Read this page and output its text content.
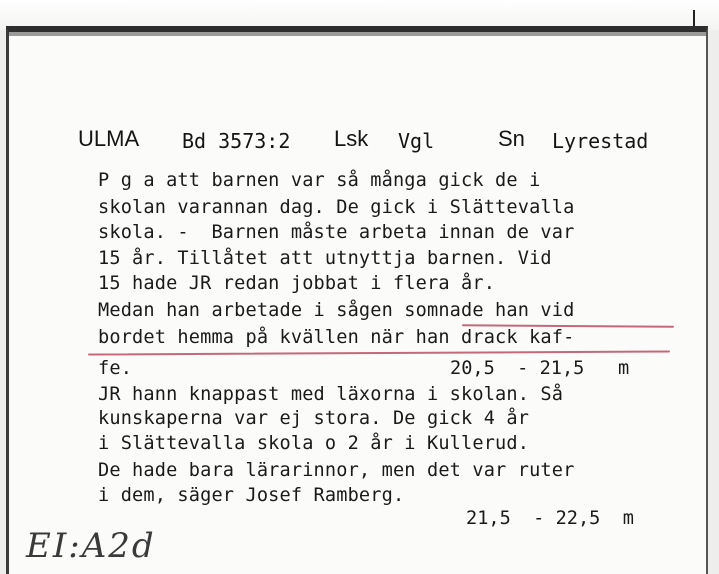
ULMA Bd 3573:2 Lsk Vgl	Sn Lyrestad
P g a att barnen var så många gick de i
skolan varannan dag. De gick i Slättevalla
skola. -  Barnen måste arbeta innan de var
15 år. Tillåtet att utnyttja barnen. Vid
15 hade JR redan jobbat i flera år.
Medan han arbetade i sågen somnade han vid
bordet hemma på kvällen när han drack kaf-
fe.
JR hann knappast med läxorna i skolan. Så
kunskaperna var ej stora. De gick 4 år
i Slättevalla skola o 2 år i Kullerud.
De hade bara lärarinnor, men det var ruter
i dem, säger Josef Ramberg.
20,5  - 21,5 m
21,5  - 22,5 m
EI:A2d
